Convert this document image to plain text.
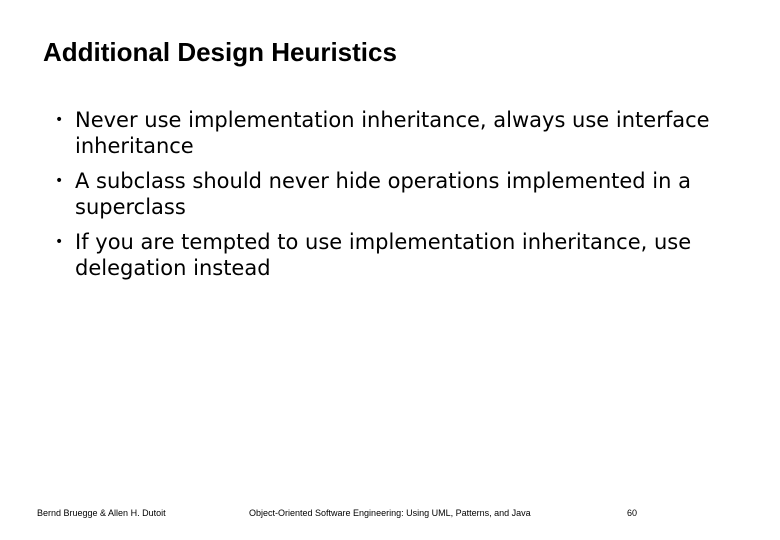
Additional Design Heuristics
• Never use implementation inheritance, always use interface inheritance
• A subclass should never hide operations implemented in a superclass
• If you are tempted to use implementation inheritance, use delegation instead
Bernd Bruegge & Allen H. Dutoit	Object-Oriented Software Engineering: Using UML, Patterns, and Java	60
